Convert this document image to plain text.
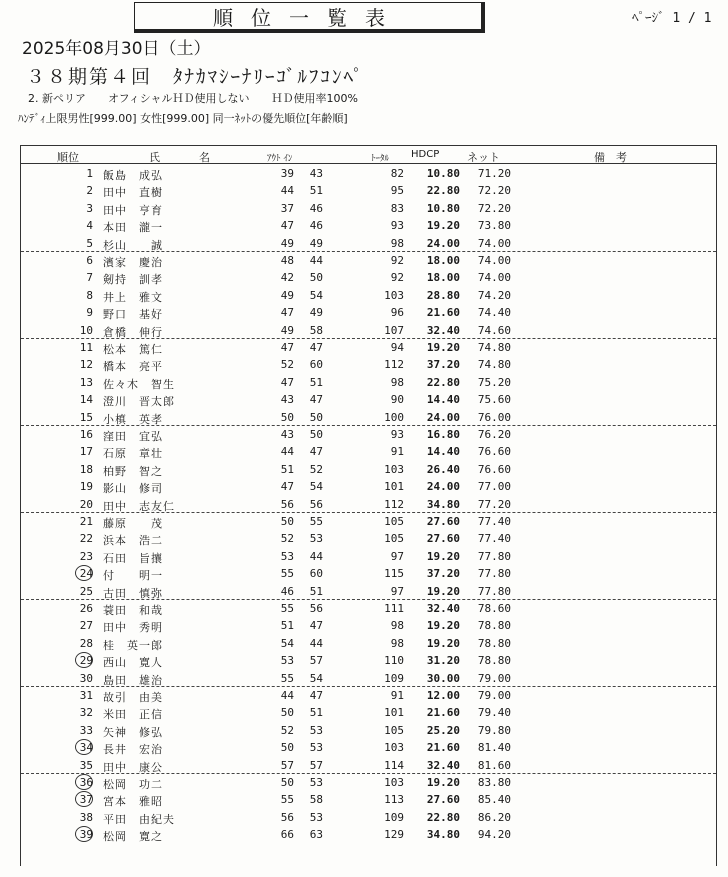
順位一覧表	ﾍﾟｰｼﾞ 1 / 1
2025年08月30日（土）
３８期第４回　ﾀﾅｶﾏｼｰﾅﾘｰｺﾞﾙﾌｺﾝﾍﾟ
2. 新ペリア　　オフィシャルＨＤ使用しない　　ＨＤ使用率100%
ﾊﾝﾃﾞｨ上限男性[999.00] 女性[999.00] 同一ﾈｯﾄの優先順位[年齢順]
順位	氏	名	ｱｳﾄ ｲﾝ	ﾄｰﾀﾙ HDCP	ネット	備　考
1 飯島　成弘	39	43	82	10.80	71.20
2 田中　直樹	44	51	95	22.80	72.20
3 田中　亨育	37	46	83	10.80	72.20
4 本田　瀧一	47	46	93	19.20	73.80
5 杉山　　誠	49	49	98	24.00	74.00
6 濱家　慶治	48	44	92	18.00	74.00
7 剱持　訓孝	42	50	92	18.00	74.00
8 井上　雅文	49	54	103	28.80	74.20
9 野口　基好	47	49	96	21.60	74.40
10 倉橋　伸行	49	58	107	32.40	74.60
11 松本　篤仁	47	47	94	19.20	74.80
12 橋本　亮平	52	60	112	37.20	74.80
13 佐々木　智生	47	51	98	22.80	75.20
14 澄川　晋太郎	43	47	90	14.40	75.60
15 小槙　英孝	50	50	100	24.00	76.00
16 窪田　宜弘	43	50	93	16.80	76.20
17 石原　章壮	44	47	91	14.40	76.60
18 柏野　智之	51	52	103	26.40	76.60
19 影山　修司	47	54	101	24.00	77.00
20 田中　志友仁	56	56	112	34.80	77.20
21 藤原　　茂	50	55	105	27.60	77.40
22 浜本　浩二	52	53	105	27.60	77.40
23 石田　旨攘	53	44	97	19.20	77.80
24 付　　明一	55	60	115	37.20	77.80
25 古田　慎弥	46	51	97	19.20	77.80
26 蓑田　和哉	55	56	111	32.40	78.60
27 田中　秀明	51	47	98	19.20	78.80
28 桂　英一郎	54	44	98	19.20	78.80
29 西山　寛人	53	57	110	31.20	78.80
30 島田　雄治	55	54	109	30.00	79.00
31 故引　由美	44	47	91	12.00	79.00
32 米田　正信	50	51	101	21.60	79.40
33 矢神　修弘	52	53	105	25.20	79.80
34 長井　宏治	50	53	103	21.60	81.40
35 田中　康公	57	57	114	32.40	81.60
36 松岡　功二	50	53	103	19.20	83.80
37 宮本　雅昭	55	58	113	27.60	85.40
38 平田　由紀夫	56	53	109	22.80	86.20
39 松岡　寛之	66	63	129	34.80	94.20
